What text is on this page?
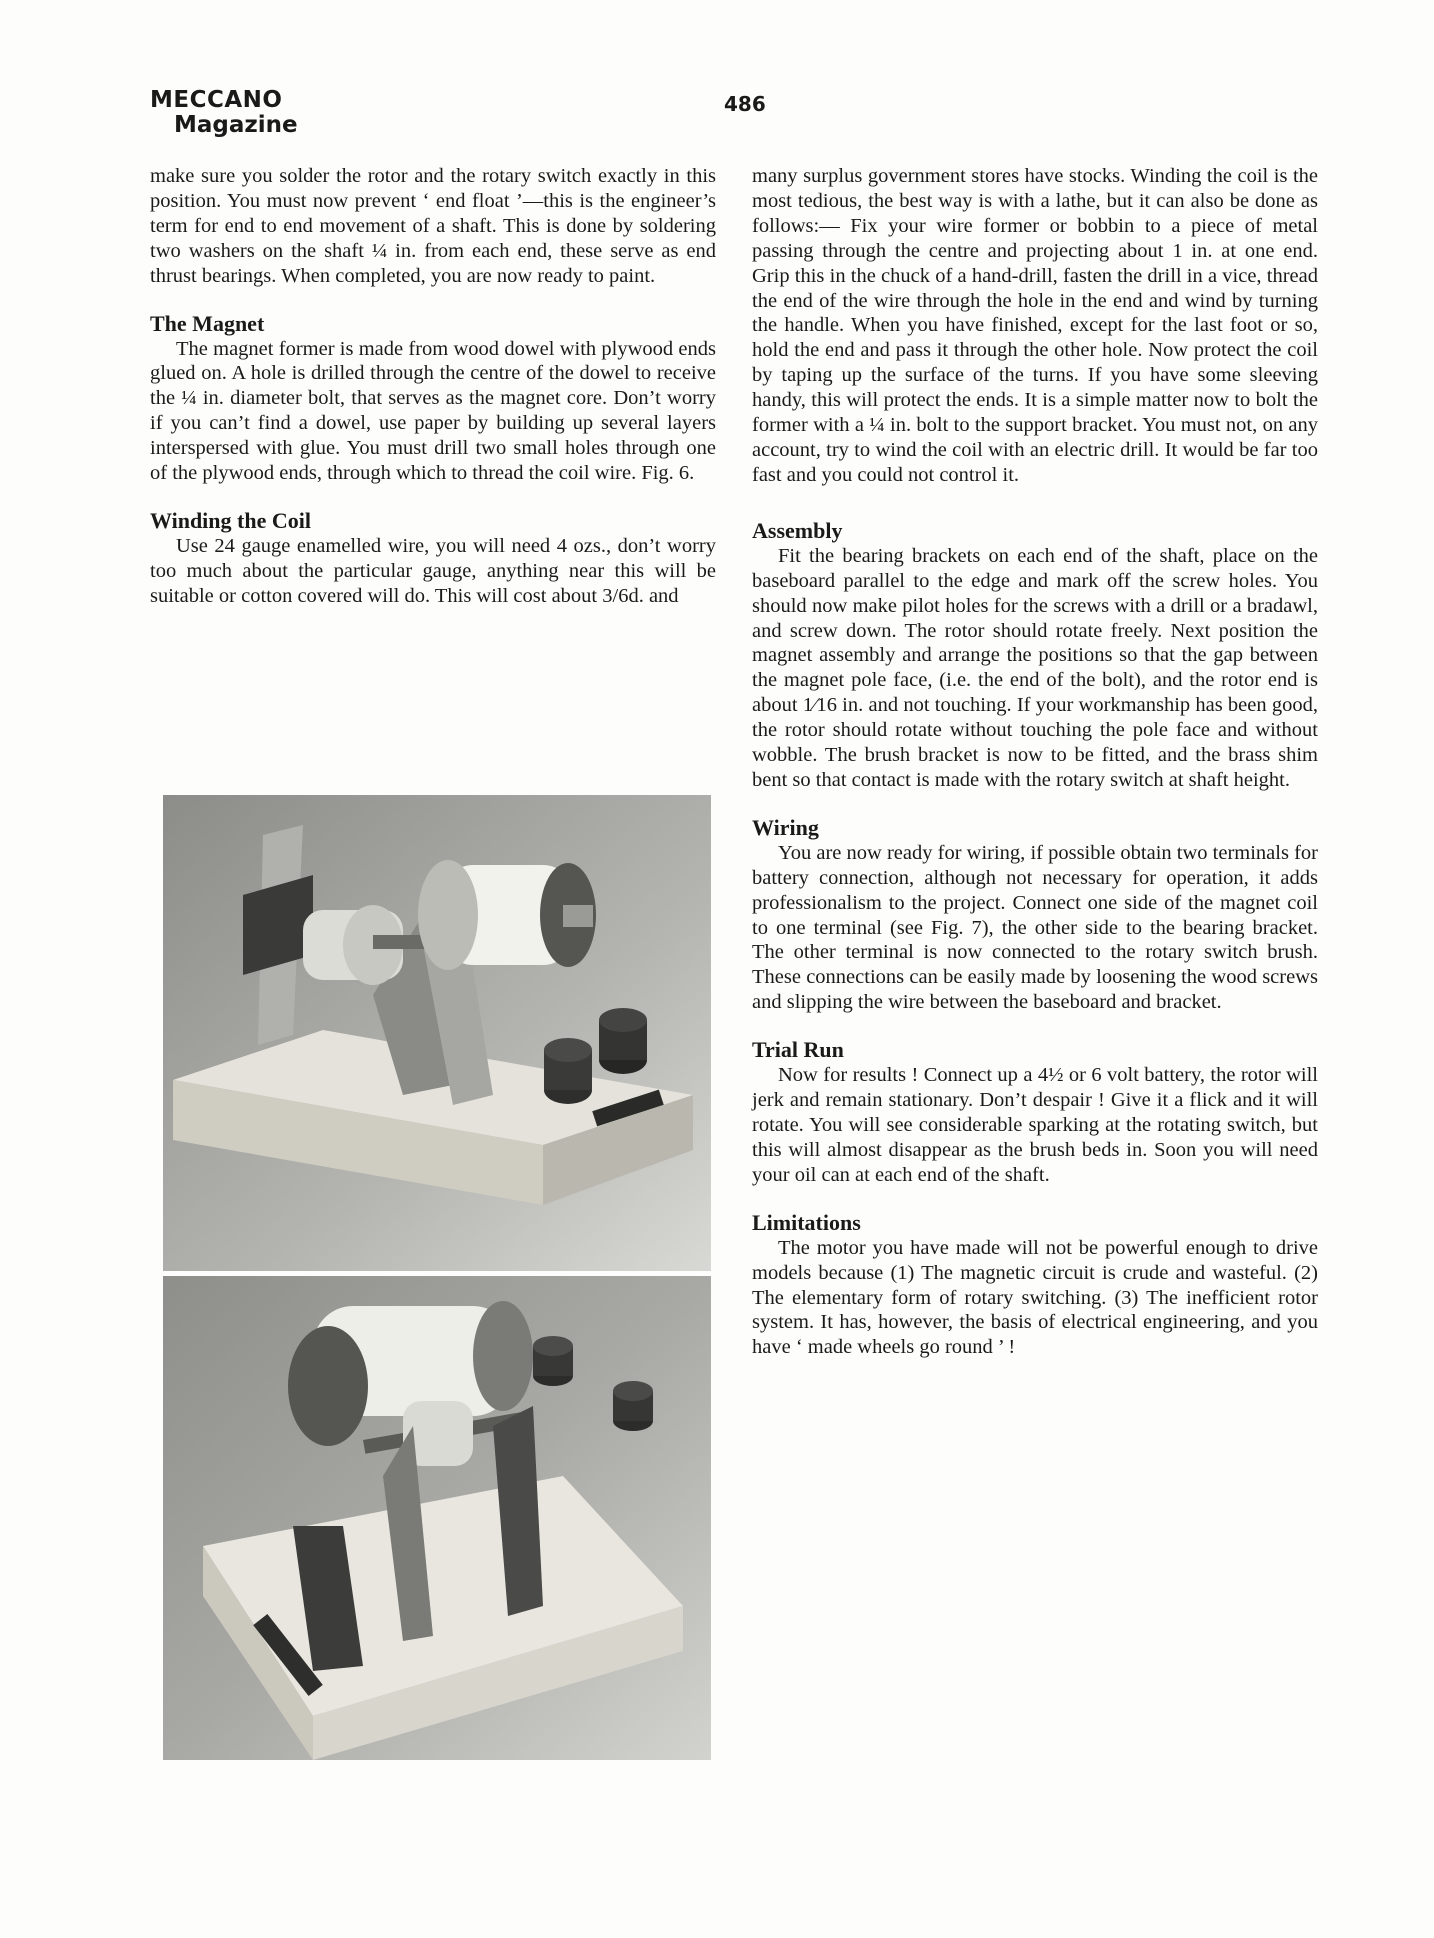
MECCANO
Magazine
486

make sure you solder the rotor and the rotary switch exactly in this position. You must now prevent ‘ end float ’—this is the engineer’s term for end to end movement of a shaft. This is done by soldering two washers on the shaft ¼ in. from each end, these serve as end thrust bearings. When completed, you are now ready to paint.

The Magnet

The magnet former is made from wood dowel with plywood ends glued on. A hole is drilled through the centre of the dowel to receive the ¼ in. diameter bolt, that serves as the magnet core. Don’t worry if you can’t find a dowel, use paper by building up several layers interspersed with glue. You must drill two small holes through one of the plywood ends, through which to thread the coil wire. Fig. 6.

Winding the Coil

Use 24 gauge enamelled wire, you will need 4 ozs., don’t worry too much about the particular gauge, anything near this will be suitable or cotton covered will do. This will cost about 3/6d. and

many surplus government stores have stocks. Winding the coil is the most tedious, the best way is with a lathe, but it can also be done as follows:— Fix your wire former or bobbin to a piece of metal passing through the centre and projecting about 1 in. at one end. Grip this in the chuck of a hand-drill, fasten the drill in a vice, thread the end of the wire through the hole in the end and wind by turning the handle. When you have finished, except for the last foot or so, hold the end and pass it through the other hole. Now protect the coil by taping up the surface of the turns. If you have some sleeving handy, this will protect the ends. It is a simple matter now to bolt the former with a ¼ in. bolt to the support bracket. You must not, on any account, try to wind the coil with an electric drill. It would be far too fast and you could not control it.

Assembly

Fit the bearing brackets on each end of the shaft, place on the baseboard parallel to the edge and mark off the screw holes. You should now make pilot holes for the screws with a drill or a bradawl, and screw down. The rotor should rotate freely. Next position the magnet assembly and arrange the positions so that the gap between the magnet pole face, (i.e. the end of the bolt), and the rotor end is about 1⁄16 in. and not touching. If your workmanship has been good, the rotor should rotate without touching the pole face and without wobble. The brush bracket is now to be fitted, and the brass shim bent so that contact is made with the rotary switch at shaft height.

Wiring

You are now ready for wiring, if possible obtain two terminals for battery connection, although not necessary for operation, it adds professionalism to the project. Connect one side of the magnet coil to one terminal (see Fig. 7), the other side to the bearing bracket. The other terminal is now connected to the rotary switch brush. These connections can be easily made by loosening the wood screws and slipping the wire between the baseboard and bracket.

Trial Run

Now for results ! Connect up a 4½ or 6 volt battery, the rotor will jerk and remain stationary. Don’t despair ! Give it a flick and it will rotate. You will see considerable sparking at the rotating switch, but this will almost disappear as the brush beds in. Soon you will need your oil can at each end of the shaft.

Limitations

The motor you have made will not be powerful enough to drive models because (1) The magnetic circuit is crude and wasteful. (2) The elementary form of rotary switching. (3) The inefficient rotor system. It has, however, the basis of electrical engineering, and you have ‘ made wheels go round ’ !
